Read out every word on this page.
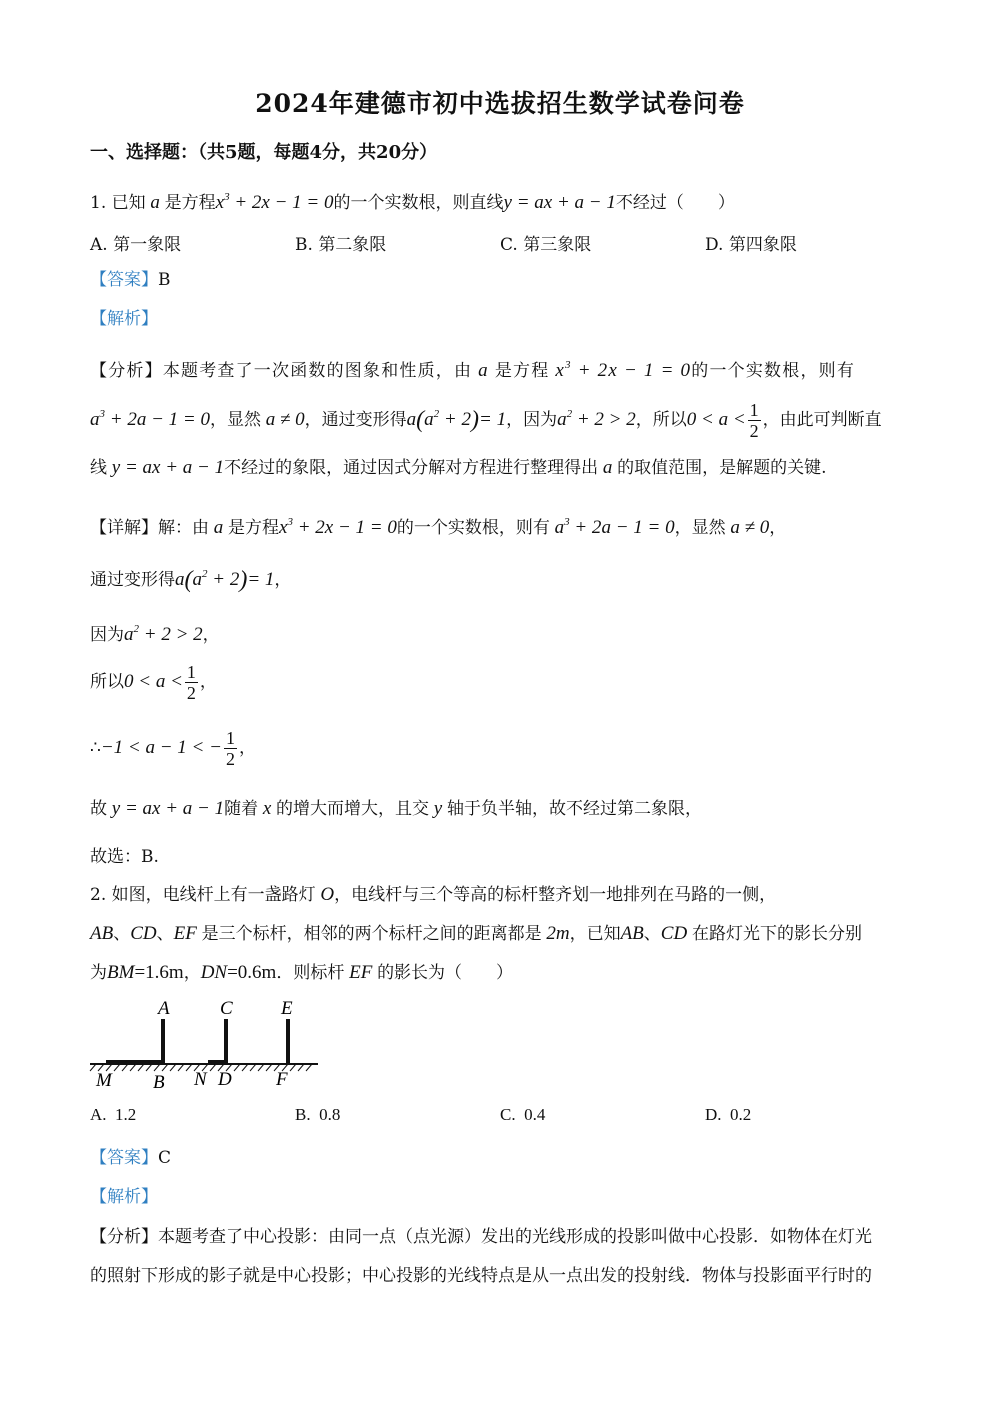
2024年建德市初中选拔招生数学试卷问卷
一、选择题：（共5题，每题4分，共20分）
1. 已知 a 是方程$x^3 + 2x - 1 = 0$的一个实数根，则直线y = ax + a − 1不经过（　　）
A. 第一象限	B. 第二象限	C. 第三象限	D. 第四象限
【答案】B
【解析】
【分析】本题考查了一次函数的图象和性质，由 a 是方程 $x^3 + 2x - 1 = 0$的一个实数根，则有
$a^3 + 2a - 1 = 0$，显然 a ≠ 0，通过变形得$a(a^2 + 2)= 1$，因为$a^2 + 2 > 2$，所以$0 < a < \frac{1}{2}$ ，由此可判断直
线 y = ax + a − 1不经过的象限，通过因式分解对方程进行整理得出 a 的取值范围，是解题的关键.
【详解】解：由 a 是方程$x^3 + 2x - 1 = 0$的一个实数根，则有 $a^3 + 2a - 1 = 0$，显然 a ≠ 0，
通过变形得$a(a^2 + 2)= 1$，
因为$a^2 + 2 > 2$，
所以$0 < a < \frac{1}{2}$ ，
∴−1 < a − 1 < − $\frac{1}{2}$ ，
故 y = ax + a − 1随着 x 的增大而增大，且交 y 轴于负半轴，故不经过第二象限，
故选：B.
2. 如图，电线杆上有一盏路灯 O，电线杆与三个等高的标杆整齐划一地排列在马路的一侧，
AB、CD、EF 是三个标杆，相邻的两个标杆之间的距离都是 2m，已知AB、CD 在路灯光下的影长分别
为BM=1.6m，DN=0.6m．则标杆 EF 的影长为（　　）
A	C	E
M B N D F
A. 1.2	B. 0.8	C. 0.4	D. 0.2
【答案】C
【解析】
【分析】本题考查了中心投影：由同一点（点光源）发出的光线形成的投影叫做中心投影．如物体在灯光
的照射下形成的影子就是中心投影；中心投影的光线特点是从一点出发的投射线．物体与投影面平行时的
